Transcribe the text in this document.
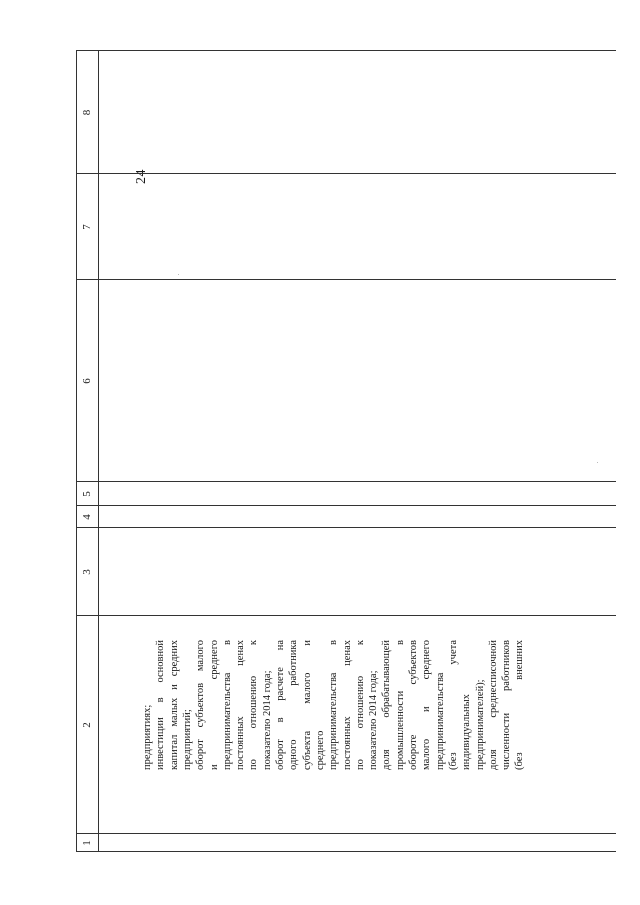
24
1
2
3
4
5
6
7
8
предприятиях; инвестиции
в
основной
капитал
малых
и
средних
предприятий; оборот
субъектов
малого
и
среднего
предпринимательства
в
постоянных
ценах
по
отношению
к
показателю 2014 года; оборот
в
расчете
на
одного
работника
субъекта
малого
и
среднего предпринимательства
в
постоянных
ценах
по
отношению
к
показателю 2014 года; доля
обрабатывающей
промышленности
в
обороте
субъектов
малого
и
среднего
предпринимательства (без
учета
индивидуальных предпринимателей); доля
среднесписочной
численности
работников
(без
внешних
